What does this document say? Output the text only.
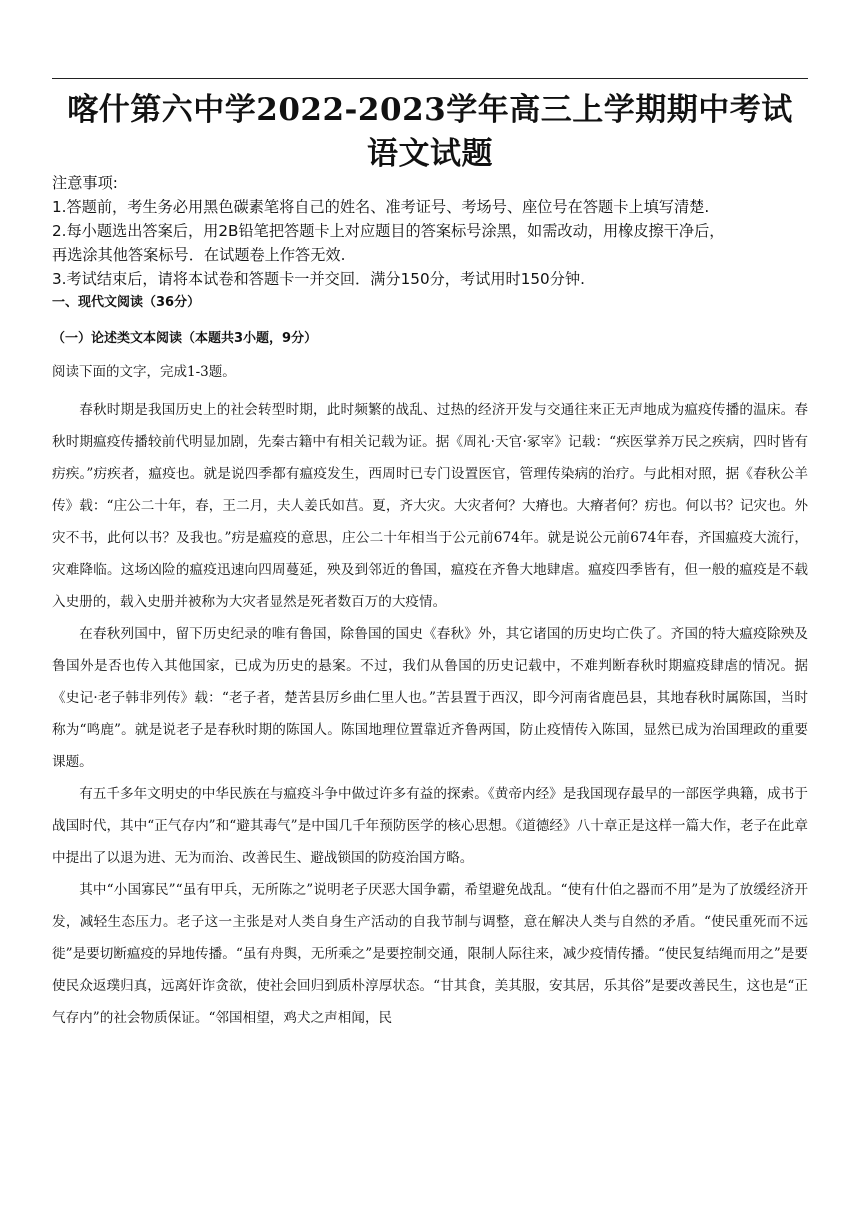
喀什第六中学2022-2023学年高三上学期期中考试
语文试题
注意事项:
1.答题前，考生务必用黑色碳素笔将自己的姓名、准考证号、考场号、座位号在答题卡上填写清楚.
2.每小题选出答案后，用2B铅笔把答题卡上对应题目的答案标号涂黑，如需改动，用橡皮擦干净后，
再选涂其他答案标号．在试题卷上作答无效.
3.考试结束后，请将本试卷和答题卡一并交回．满分150分，考试用时150分钟.
一、现代文阅读（36分）
（一）论述类文本阅读（本题共3小题，9分）
阅读下面的文字，完成1-3题。

春秋时期是我国历史上的社会转型时期，此时频繁的战乱、过热的经济开发与交通往来正无声地成为瘟疫传播的温床。春秋时期瘟疫传播较前代明显加剧，先秦古籍中有相关记载为证。据《周礼·天官·冢宰》记载：“疾医掌养万民之疾病，四时皆有疠疾。”疠疾者，瘟疫也。就是说四季都有瘟疫发生，西周时已专门设置医官，管理传染病的治疗。与此相对照，据《春秋公羊传》载：“庄公二十年，春，王二月，夫人姜氏如莒。夏，齐大灾。大灾者何？大瘠也。大瘠者何？疠也。何以书？记灾也。外灾不书，此何以书？及我也。”疠是瘟疫的意思，庄公二十年相当于公元前674年。就是说公元前674年春，齐国瘟疫大流行，灾难降临。这场凶险的瘟疫迅速向四周蔓延，殃及到邻近的鲁国，瘟疫在齐鲁大地肆虐。瘟疫四季皆有，但一般的瘟疫是不载入史册的，载入史册并被称为大灾者显然是死者数百万的大疫情。

在春秋列国中，留下历史纪录的唯有鲁国，除鲁国的国史《春秋》外，其它诸国的历史均亡佚了。齐国的特大瘟疫除殃及鲁国外是否也传入其他国家，已成为历史的悬案。不过，我们从鲁国的历史记载中，不难判断春秋时期瘟疫肆虐的情况。据《史记·老子韩非列传》载：“老子者，楚苦县厉乡曲仁里人也。”苦县置于西汉，即今河南省鹿邑县，其地春秋时属陈国，当时称为“鸣鹿”。就是说老子是春秋时期的陈国人。陈国地理位置靠近齐鲁两国，防止疫情传入陈国，显然已成为治国理政的重要课题。

有五千多年文明史的中华民族在与瘟疫斗争中做过许多有益的探索。《黄帝内经》是我国现存最早的一部医学典籍，成书于战国时代，其中“正气存内”和“避其毒气”是中国几千年预防医学的核心思想。《道德经》八十章正是这样一篇大作，老子在此章中提出了以退为进、无为而治、改善民生、避战锁国的防疫治国方略。

其中“小国寡民”“虽有甲兵，无所陈之”说明老子厌恶大国争霸，希望避免战乱。“使有什伯之器而不用”是为了放缓经济开发，减轻生态压力。老子这一主张是对人类自身生产活动的自我节制与调整，意在解决人类与自然的矛盾。“使民重死而不远徙”是要切断瘟疫的异地传播。“虽有舟舆，无所乘之”是要控制交通，限制人际往来，减少疫情传播。“使民复结绳而用之”是要使民众返璞归真，远离奸诈贪欲，使社会回归到质朴淳厚状态。“甘其食，美其服，安其居，乐其俗”是要改善民生，这也是“正气存内”的社会物质保证。“邻国相望，鸡犬之声相闻，民
